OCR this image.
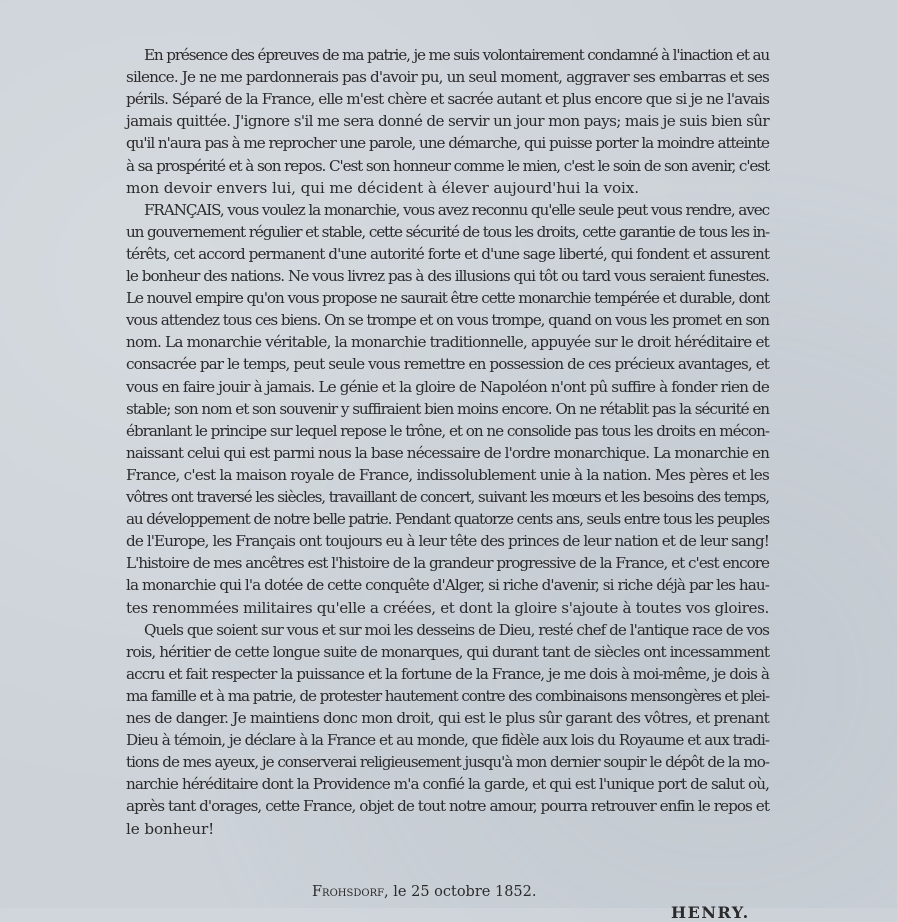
En présence des épreuves de ma patrie, je me suis volontairement condamné à l'inaction et au
silence. Je ne me pardonnerais pas d'avoir pu, un seul moment, aggraver ses embarras et ses
périls. Séparé de la France, elle m'est chère et sacrée autant et plus encore que si je ne l'avais
jamais quittée. J'ignore s'il me sera donné de servir un jour mon pays; mais je suis bien sûr
qu'il n'aura pas à me reprocher une parole, une démarche, qui puisse porter la moindre atteinte
à sa prospérité et à son repos. C'est son honneur comme le mien, c'est le soin de son avenir, c'est
mon devoir envers lui, qui me décident à élever aujourd'hui la voix.
FRANÇAIS, vous voulez la monarchie, vous avez reconnu qu'elle seule peut vous rendre, avec
un gouvernement régulier et stable, cette sécurité de tous les droits, cette garantie de tous les in-
térêts, cet accord permanent d'une autorité forte et d'une sage liberté, qui fondent et assurent
le bonheur des nations. Ne vous livrez pas à des illusions qui tôt ou tard vous seraient funestes.
Le nouvel empire qu'on vous propose ne saurait être cette monarchie tempérée et durable, dont
vous attendez tous ces biens. On se trompe et on vous trompe, quand on vous les promet en son
nom. La monarchie véritable, la monarchie traditionnelle, appuyée sur le droit héréditaire et
consacrée par le temps, peut seule vous remettre en possession de ces précieux avantages, et
vous en faire jouir à jamais. Le génie et la gloire de Napoléon n'ont pû suffire à fonder rien de
stable; son nom et son souvenir y suffiraient bien moins encore. On ne rétablit pas la sécurité en
ébranlant le principe sur lequel repose le trône, et on ne consolide pas tous les droits en mécon-
naissant celui qui est parmi nous la base nécessaire de l'ordre monarchique. La monarchie en
France, c'est la maison royale de France, indissolublement unie à la nation. Mes pères et les
vôtres ont traversé les siècles, travaillant de concert, suivant les mœurs et les besoins des temps,
au développement de notre belle patrie. Pendant quatorze cents ans, seuls entre tous les peuples
de l'Europe, les Français ont toujours eu à leur tête des princes de leur nation et de leur sang!
L'histoire de mes ancêtres est l'histoire de la grandeur progressive de la France, et c'est encore
la monarchie qui l'a dotée de cette conquête d'Alger, si riche d'avenir, si riche déjà par les hau-
tes renommées militaires qu'elle a créées, et dont la gloire s'ajoute à toutes vos gloires.
Quels que soient sur vous et sur moi les desseins de Dieu, resté chef de l'antique race de vos
rois, héritier de cette longue suite de monarques, qui durant tant de siècles ont incessamment
accru et fait respecter la puissance et la fortune de la France, je me dois à moi-même, je dois à
ma famille et à ma patrie, de protester hautement contre des combinaisons mensongères et plei-
nes de danger. Je maintiens donc mon droit, qui est le plus sûr garant des vôtres, et prenant
Dieu à témoin, je déclare à la France et au monde, que fidèle aux lois du Royaume et aux tradi-
tions de mes ayeux, je conserverai religieusement jusqu'à mon dernier soupir le dépôt de la mo-
narchie héréditaire dont la Providence m'a confié la garde, et qui est l'unique port de salut où,
après tant d'orages, cette France, objet de tout notre amour, pourra retrouver enfin le repos et
le bonheur!
Frohsdorf, le 25 octobre 1852.
HENRY.
